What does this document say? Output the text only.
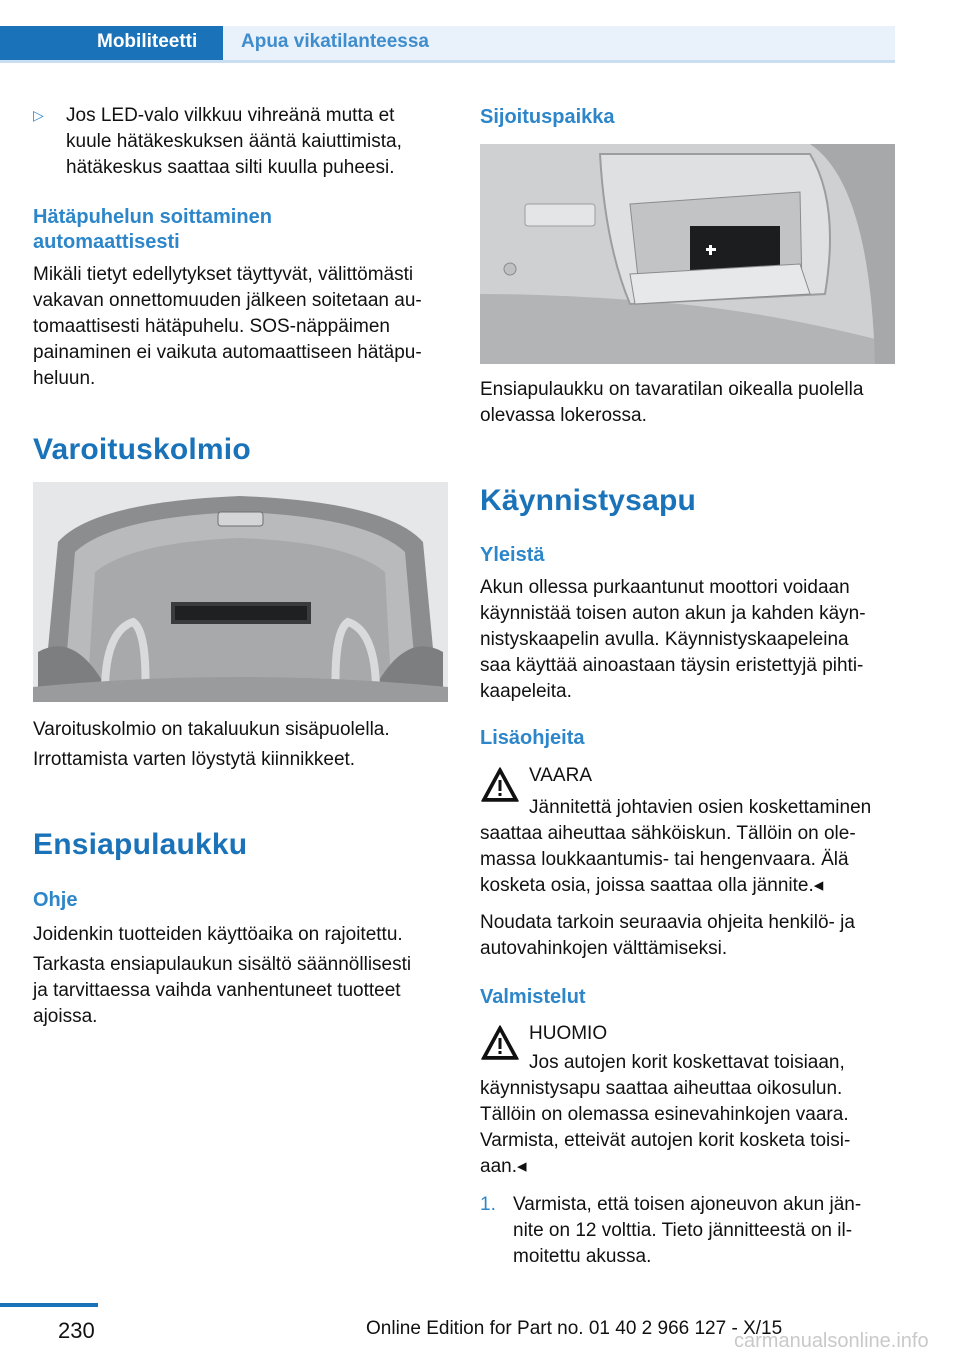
Mobiliteetti	Apua vikatilanteessa
▷ Jos LED-valo vilkkuu vihreänä mutta et
kuule hätäkeskuksen ääntä kaiuttimista,
hätäkeskus saattaa silti kuulla puheesi.
Hätäpuhelun soittaminen
automaattisesti

Mikäli tietyt edellytykset täyttyvät, välittömästi

vakavan onnettomuuden jälkeen soitetaan au-

tomaattisesti hätäpuhelu. SOS-näppäimen

painaminen ei vaikuta automaattiseen hätäpu-

heluun.

Varoituskolmio

Varoituskolmio on takaluukun sisäpuolella.

Irrottamista varten löystytä kiinnikkeet.

Ensiapulaukku
Ohje

Joidenkin tuotteiden käyttöaika on rajoitettu.

Tarkasta ensiapulaukun sisältö säännöllisesti

ja tarvittaessa vaihda vanhentuneet tuotteet

ajoissa.

Sijoituspaikka

Ensiapulaukku on tavaratilan oikealla puolella

olevassa lokerossa.

Käynnistysapu
Yleistä

Akun ollessa purkaantunut moottori voidaan

käynnistää toisen auton akun ja kahden käyn-

nistyskaapelin avulla. Käynnistyskaapeleina

saa käyttää ainoastaan täysin eristettyjä pihti-

kaapeleita.

Lisäohjeita

VAARA

Jännitettä johtavien osien koskettaminen

saattaa aiheuttaa sähköiskun. Tällöin on ole-

massa loukkaantumis- tai hengenvaara. Älä

kosketa osia, joissa saattaa olla jännite.◂

Noudata tarkoin seuraavia ohjeita henkilö- ja

autovahinkojen välttämiseksi.

Valmistelut

HUOMIO

Jos autojen korit koskettavat toisiaan,

käynnistysapu saattaa aiheuttaa oikosulun.

Tällöin on olemassa esinevahinkojen vaara.

Varmista, etteivät autojen korit kosketa toisi-

aan.◂

1. Varmista, että toisen ajoneuvon akun jän-
nite on 12 volttia. Tieto jännitteestä on il-
moitettu akussa.
230	Online Edition for Part no. 01 40 2 966 127 - X/15
carmanualsonline.info
